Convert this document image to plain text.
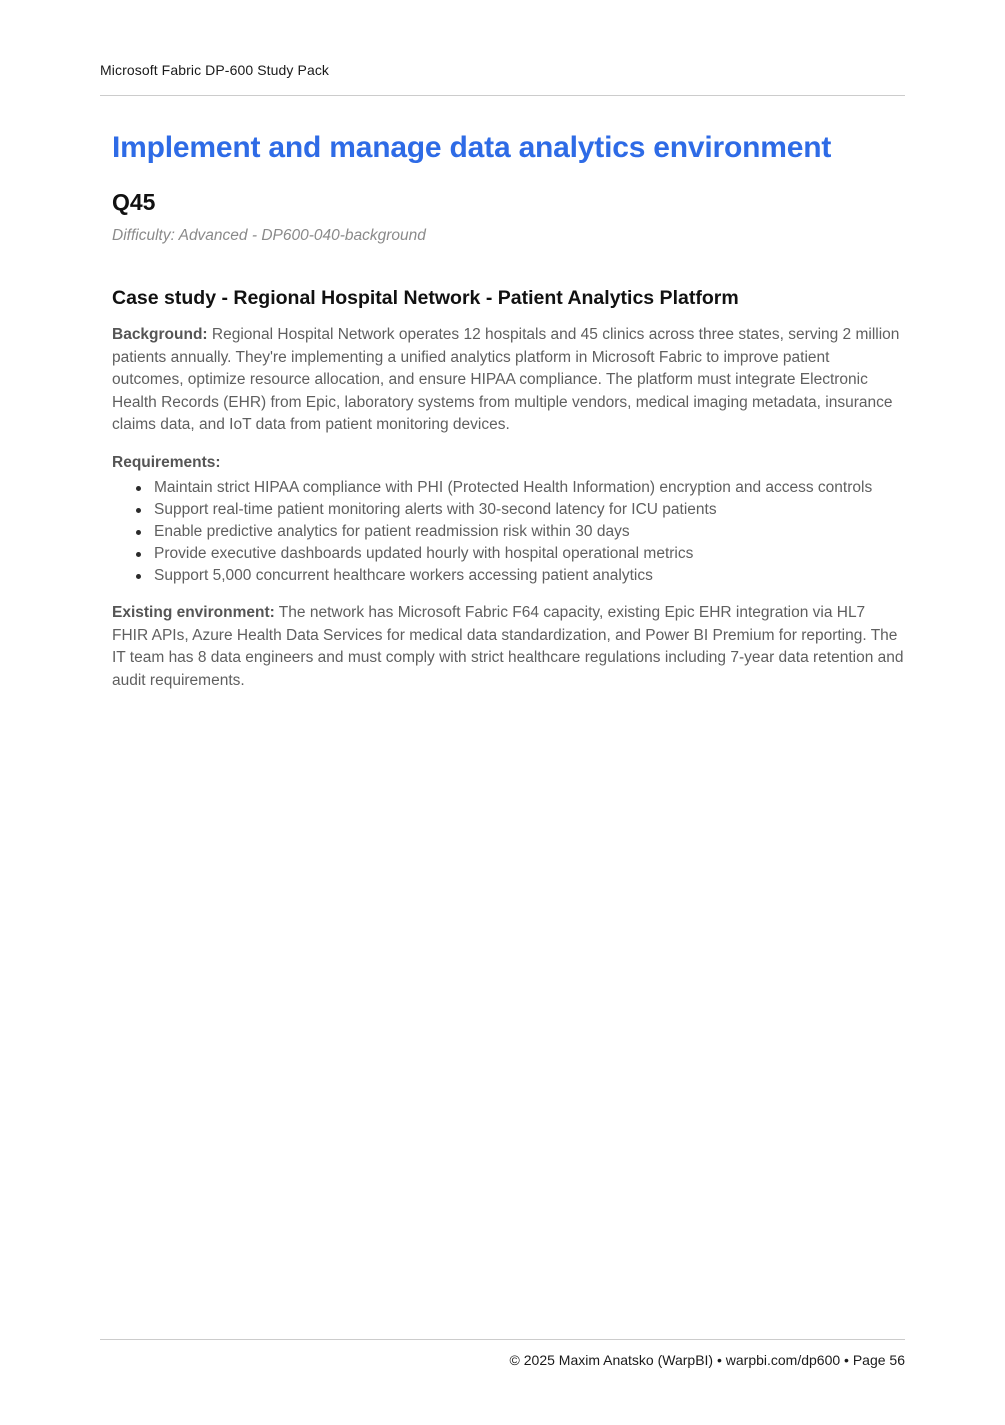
Microsoft Fabric DP-600 Study Pack
Implement and manage data analytics environment
Q45

Difficulty: Advanced - DP600-040-background

Case study - Regional Hospital Network - Patient Analytics Platform

Background: Regional Hospital Network operates 12 hospitals and 45 clinics across three states, serving 2 million patients annually. They're implementing a unified analytics platform in Microsoft Fabric to improve patient outcomes, optimize resource allocation, and ensure HIPAA compliance. The platform must integrate Electronic Health Records (EHR) from Epic, laboratory systems from multiple vendors, medical imaging metadata, insurance claims data, and IoT data from patient monitoring devices.

Requirements:

Maintain strict HIPAA compliance with PHI (Protected Health Information) encryption and access controls
Support real-time patient monitoring alerts with 30-second latency for ICU patients
Enable predictive analytics for patient readmission risk within 30 days
Provide executive dashboards updated hourly with hospital operational metrics
Support 5,000 concurrent healthcare workers accessing patient analytics

Existing environment: The network has Microsoft Fabric F64 capacity, existing Epic EHR integration via HL7 FHIR APIs, Azure Health Data Services for medical data standardization, and Power BI Premium for reporting. The IT team has 8 data engineers and must comply with strict healthcare regulations including 7-year data retention and audit requirements.

© 2025 Maxim Anatsko (WarpBI) • warpbi.com/dp600 • Page 56
